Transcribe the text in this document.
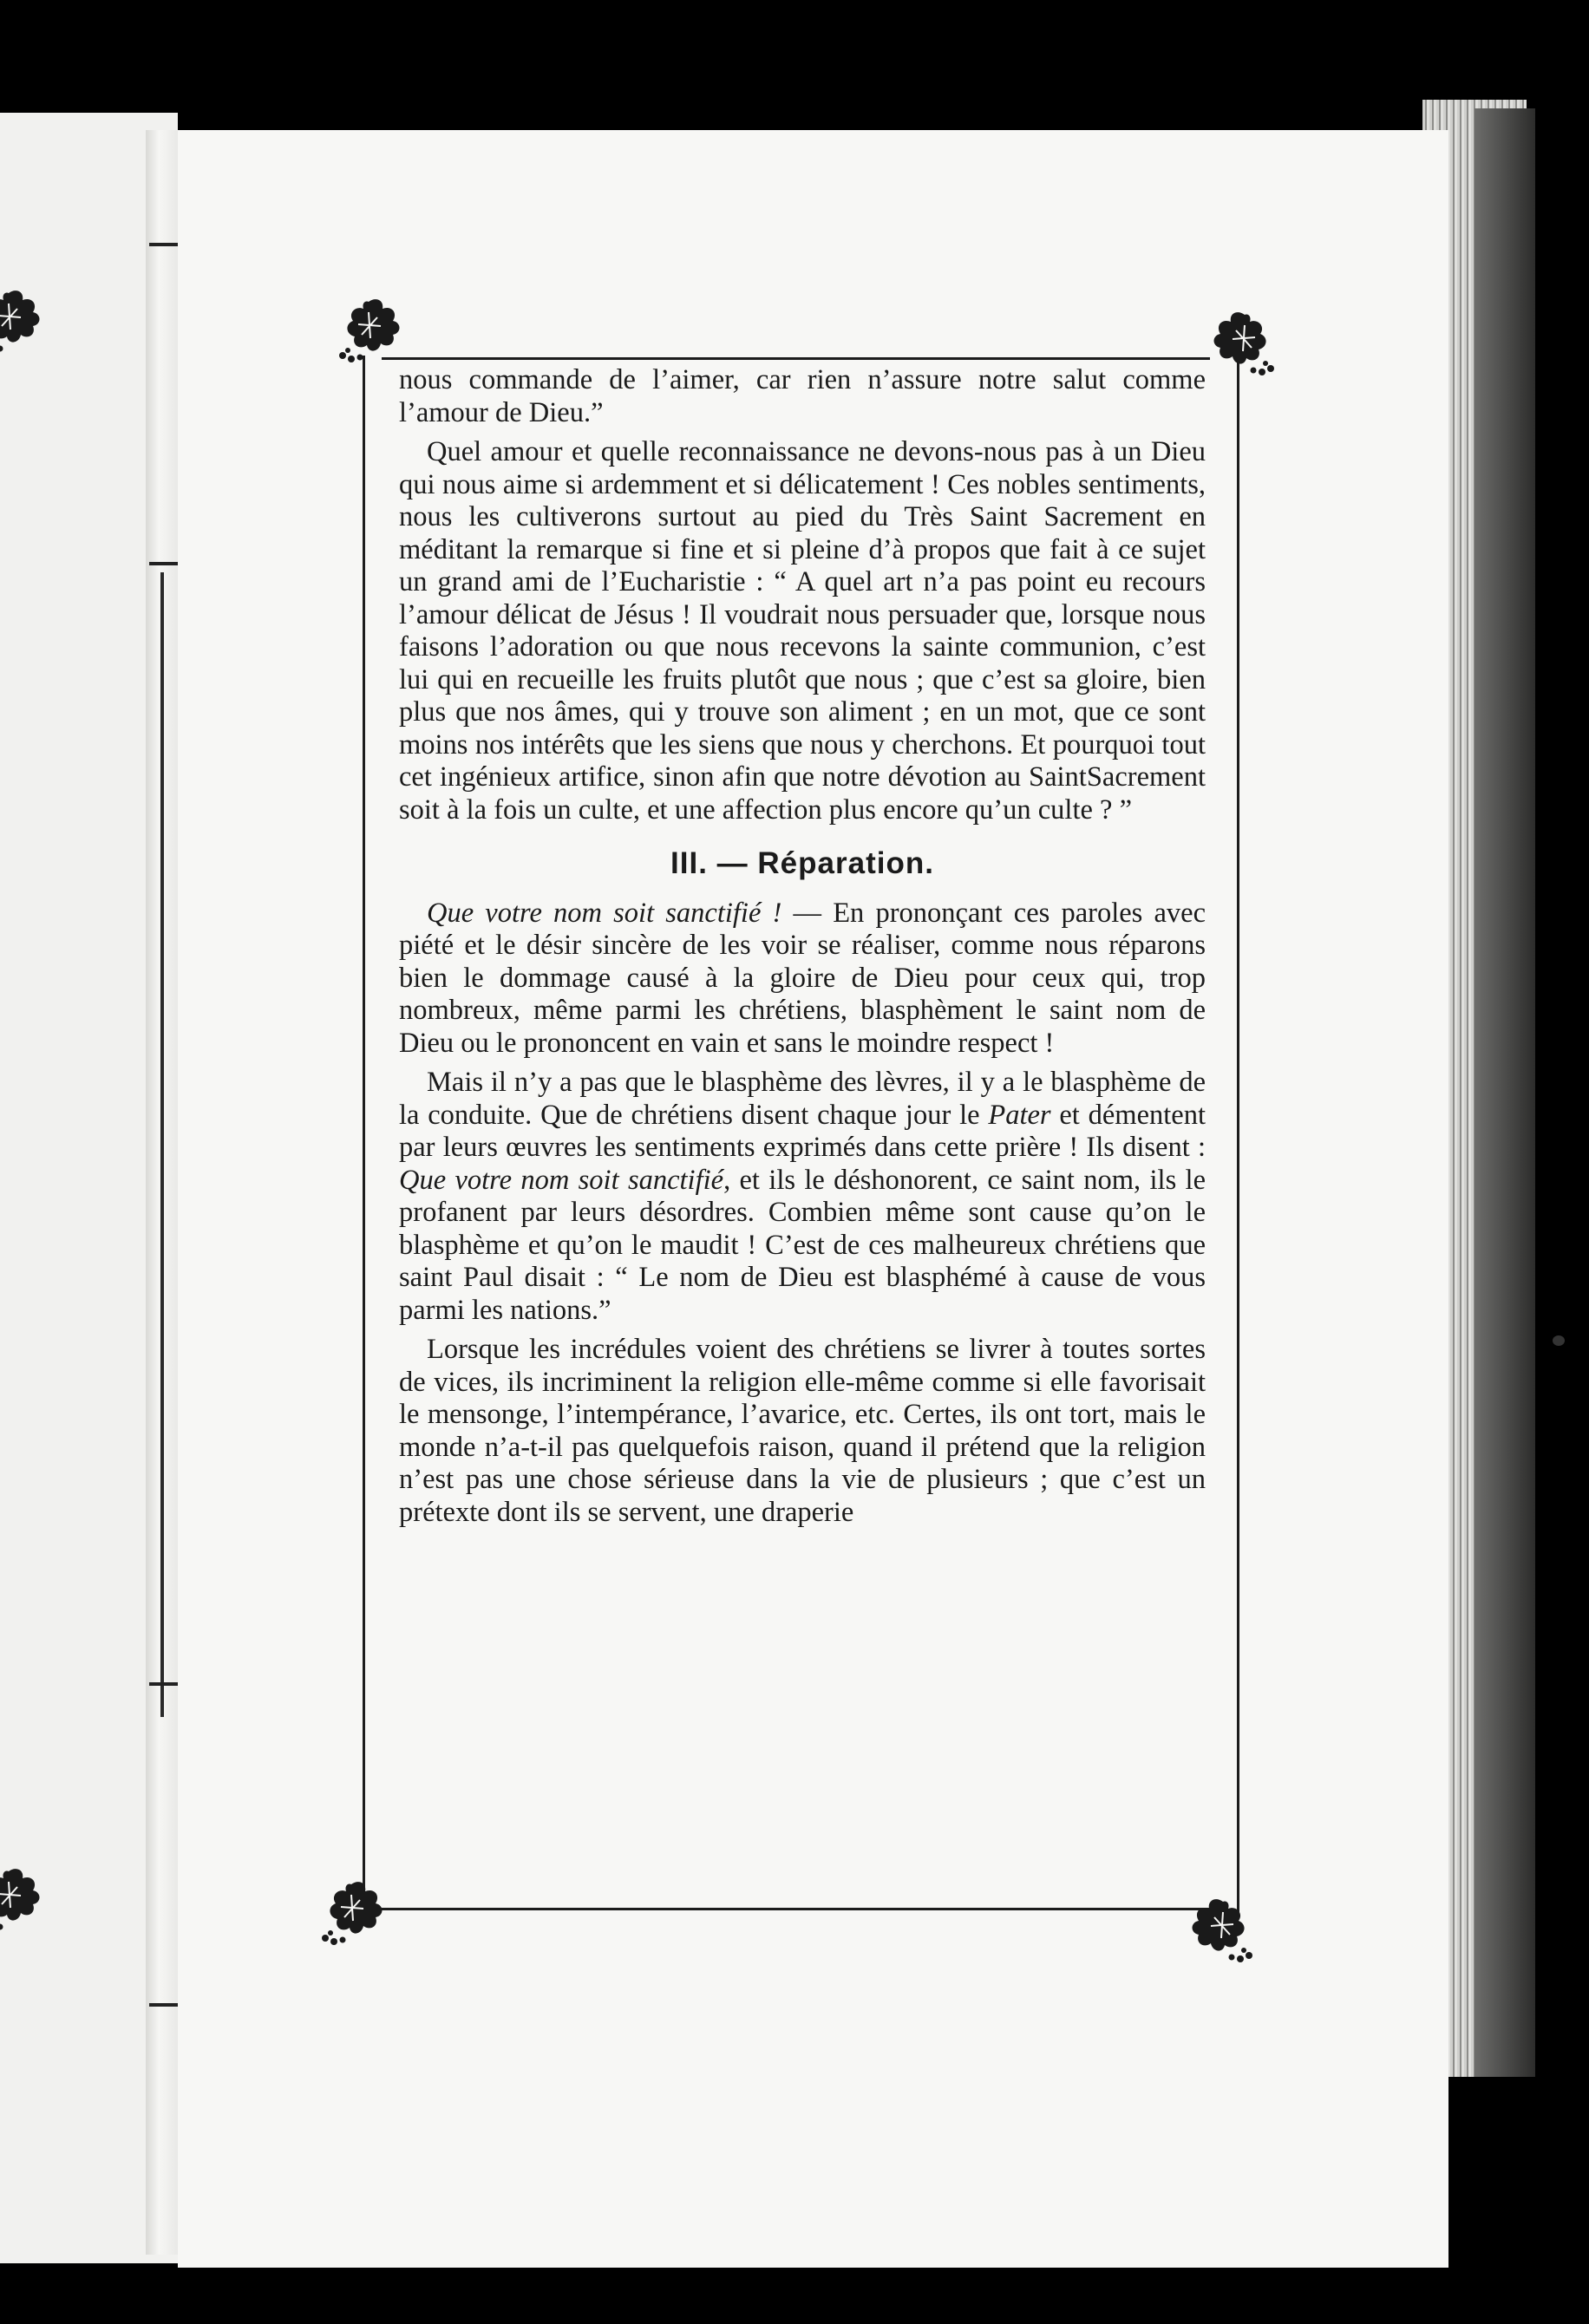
nous commande de l’aimer, car rien n’assure notre salut comme l’amour de Dieu.”

Quel amour et quelle reconnaissance ne devons-nous pas à un Dieu qui nous aime si ardemment et si délicatement ! Ces nobles sentiments, nous les cultiverons surtout au pied du Très Saint Sacrement en méditant la remarque si fine et si pleine d’à propos que fait à ce sujet un grand ami de l’Eucharistie : “ A quel art n’a pas point eu recours l’amour délicat de Jésus ! Il voudrait nous persuader que, lorsque nous faisons l’adoration ou que nous recevons la sainte communion, c’est lui qui en recueille les fruits plutôt que nous ; que c’est sa gloire, bien plus que nos âmes, qui y trouve son aliment ; en un mot, que ce sont moins nos intérêts que les siens que nous y cherchons. Et pourquoi tout cet ingénieux artifice, sinon afin que notre dévotion au SaintSacrement soit à la fois un culte, et une affection plus encore qu’un culte ? ”

III. — Réparation.

Que votre nom soit sanctifié ! — En prononçant ces paroles avec piété et le désir sincère de les voir se réaliser, comme nous réparons bien le dommage causé à la gloire de Dieu pour ceux qui, trop nombreux, même parmi les chrétiens, blasphèment le saint nom de Dieu ou le prononcent en vain et sans le moindre respect !

Mais il n’y a pas que le blasphème des lèvres, il y a le blasphème de la conduite. Que de chrétiens disent chaque jour le Pater et démentent par leurs œuvres les sentiments exprimés dans cette prière ! Ils disent : Que votre nom soit sanctifié, et ils le déshonorent, ce saint nom, ils le profanent par leurs désordres. Combien même sont cause qu’on le blasphème et qu’on le maudit ! C’est de ces malheureux chrétiens que saint Paul disait : “ Le nom de Dieu est blasphémé à cause de vous parmi les nations.”

Lorsque les incrédules voient des chrétiens se livrer à toutes sortes de vices, ils incriminent la religion elle-même comme si elle favorisait le mensonge, l’intempérance, l’avarice, etc. Certes, ils ont tort, mais le monde n’a-t-il pas quelquefois raison, quand il prétend que la religion n’est pas une chose sérieuse dans la vie de plusieurs ; que c’est un prétexte dont ils se servent, une draperie
